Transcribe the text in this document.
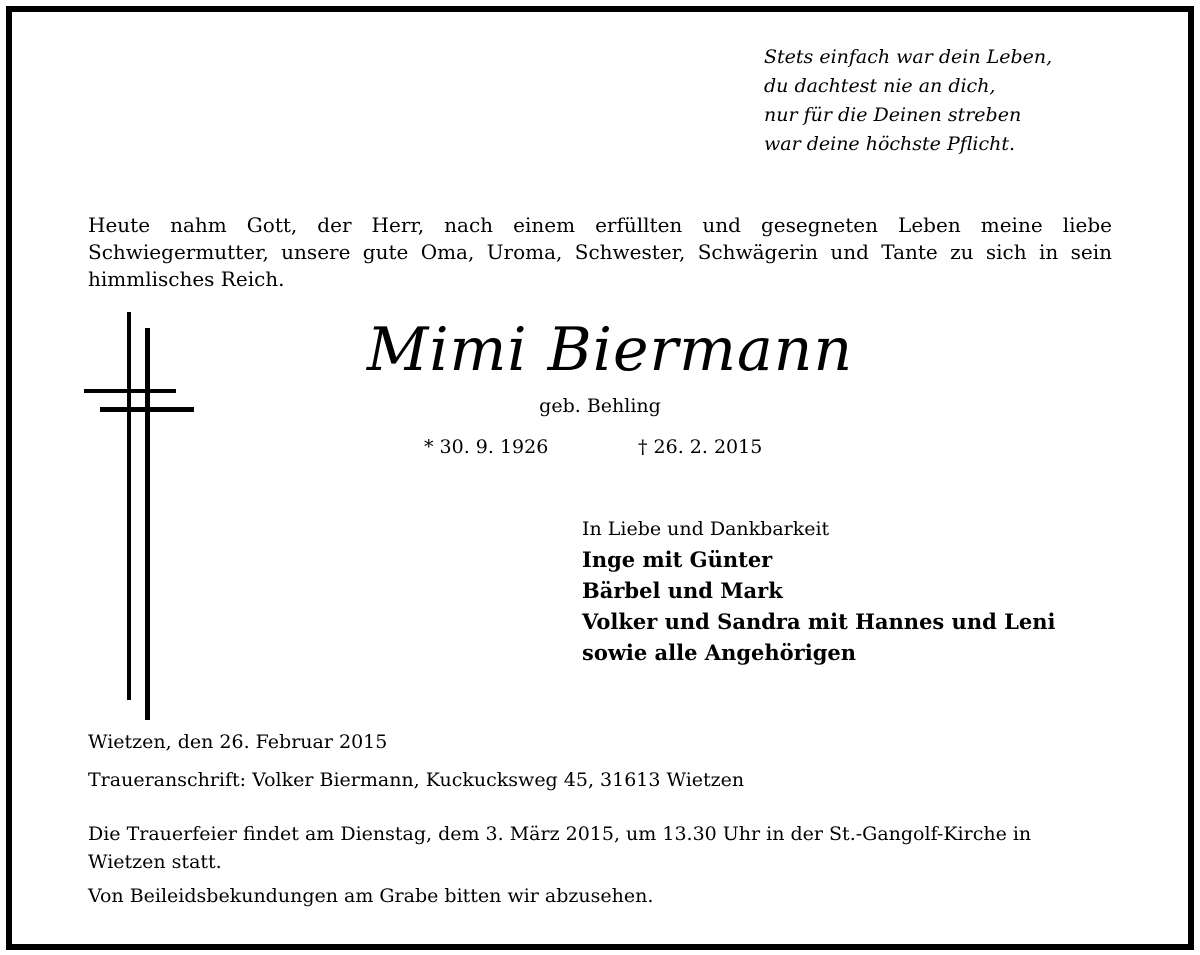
Stets einfach war dein Leben,
du dachtest nie an dich,
nur für die Deinen streben
war deine höchste Pflicht.
Heute nahm Gott, der Herr, nach einem erfüllten und gesegneten Leben meine liebe Schwiegermutter, unsere gute Oma, Uroma, Schwester, Schwägerin und Tante zu sich in sein himmlisches Reich.
Mimi Biermann
geb. Behling
* 30. 9. 1926	† 26. 2. 2015
In Liebe und Dankbarkeit
Inge mit Günter
Bärbel und Mark
Volker und Sandra mit Hannes und Leni
sowie alle Angehörigen
Wietzen, den 26. Februar 2015
Traueranschrift: Volker Biermann, Kuckucksweg 45, 31613 Wietzen
Die Trauerfeier findet am Dienstag, dem 3. März 2015, um 13.30 Uhr in der St.-Gangolf-Kirche in Wietzen statt.
Von Beileidsbekundungen am Grabe bitten wir abzusehen.
